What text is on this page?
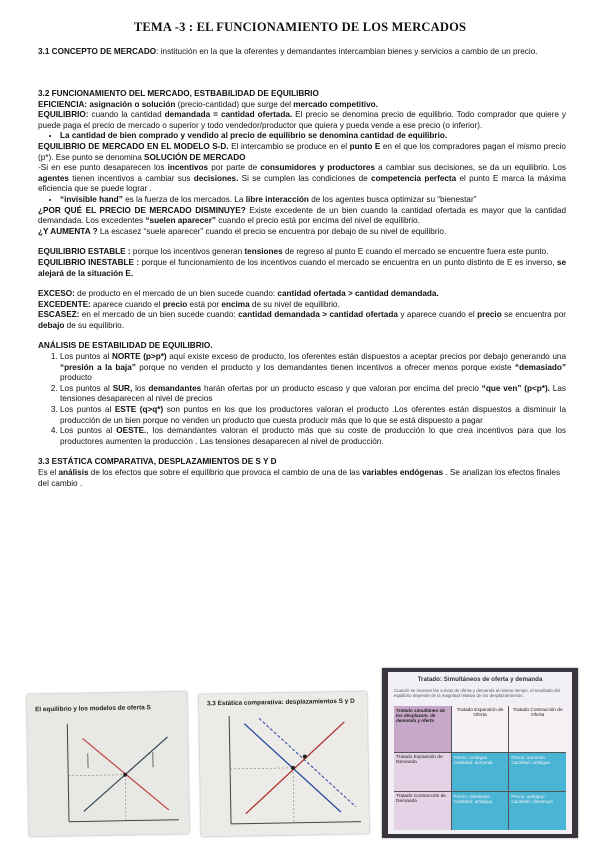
TEMA -3 : EL FUNCIONAMIENTO DE LOS MERCADOS

3.1 CONCEPTO DE MERCADO: institución en la que la oferentes y demandantes intercambian bienes y servicios a cambio de un precio.

3.2 FUNCIONAMIENTO DEL MERCADO, ESTBABILIDAD DE EQUILIBRIO

EFICIENCIA: asignación o solución (precio-cantidad) que surge del mercado competitivo.

EQUILIBRIO: cuando la cantidad demandada = cantidad ofertada. El precio se denomina precio de equilibrio. Todo comprador que quiere y puede paga el precio de mercado o superior y todo vendedor/productor que quiera y pueda vende a ese precio (o inferior).

• La cantidad de bien comprado y vendido al precio de equilibrio se denomina cantidad de equilibrio.

EQUILIBRIO DE MERCADO EN EL MODELO S-D. El intercambio se produce en el punto E en el que los compradores pagan el mismo precio (p*). Ese punto se denomina SOLUCIÓN DE MERCADO

-Si en ese punto desaparecen los incentivos por parte de consumidores y productores a cambiar sus decisiones, se da un equilibrio. Los agentes tienen incentivos a cambiar sus decisiones. Si se cumplen las condiciones de competencia perfecta el punto E marca la máxima eficiencia que se puede lograr .

• “invisible hand” es la fuerza de los mercados. La libre interacción de los agentes busca optimizar su “bienestar”

¿POR QUÉ EL PRECIO DE MERCADO DISMINUYE? Existe excedente de un bien cuando la cantidad ofertada es mayor que la cantidad demandada. Los excedentes “suelen aparecer” cuando el precio está por encima del nivel de equilibrio.

¿Y AUMENTA ? La escasez “suele aparecer” cuando el precio se encuentra por debajo de su nivel de equilibrio.

EQUILIBRIO ESTABLE : porque los incentivos generan tensiones de regreso al punto E cuando el mercado se encuentre fuera este punto.

EQUILIBRIO INESTABLE : porque el funcionamiento de los incentivos cuando el mercado se encuentra en un punto distinto de E es inverso, se alejará de la situación E.

EXCESO: de producto en el mercado de un bien sucede cuando: cantidad ofertada > cantidad demandada.

EXCEDENTE: aparece cuando el precio está por encima de su nivel de equilibrio.

ESCASEZ: en el mercado de un bien sucede cuando: cantidad demandada > cantidad ofertada y aparece cuando el precio se encuentra por debajo de su equilibrio.

ANÁLISIS DE ESTABILIDAD DE EQUILIBRIO.

1. Los puntos al NORTE (p>p*) aquí existe exceso de producto, los oferentes están dispuestos a aceptar precios por debajo generando una “presión a la baja” porque no venden el producto y los demandantes tienen incentivos a ofrecer menos porque existe “demasiado” producto
2. Los puntos al SUR, los demandantes harán ofertas por un producto escaso y que valoran por encima del precio “que ven” (p<p*). Las tensiones desaparecen al nivel de precios
3. Los puntos al ESTE (q>q*) son puntos en los que los productores valoran el producto .Los oferentes están dispuestos a disminuir la producción de un bien porque no venden un producto que cuesta producir más que lo que se está dispuesto a pagar
4. Los puntos al OESTE., los demandantes valoran el producto más que su coste de producción lo que crea incentivos para que los productores aumenten la producción . Las tensiones desaparecen al nivel de producción.

3.3 ESTÁTICA COMPARATIVA, DESPLAZAMIENTOS DE S Y D

Es el análisis de los efectos que sobre el equilibrio que provoca el cambio de una de las variables endógenas . Se analizan los efectos finales del cambio .

El equilibrio y los modelos de oferta S
3.3 Estática comparativa: desplazamientos S y D
Tratado: Simultáneos de oferta y demanda
Cuando se mueven las curvas de oferta y demanda al mismo tiempo, el resultado del equilibrio depende de la magnitud relativa de los desplazamientos.
Tratado simultáneo de los desplazam. de demanda y oferta
Tratado Expansión de Oferta
Tratado Contracción de Oferta
Tratado Expansión de Demanda
Precio: Ambiguo · Cantidad: aumenta
Precio: aumenta · Cantidad: ambigua
Tratado Contracción de Demanda
Precio: disminuye · Cantidad: ambigua
Precio: ambiguo · Cantidad: disminuye
